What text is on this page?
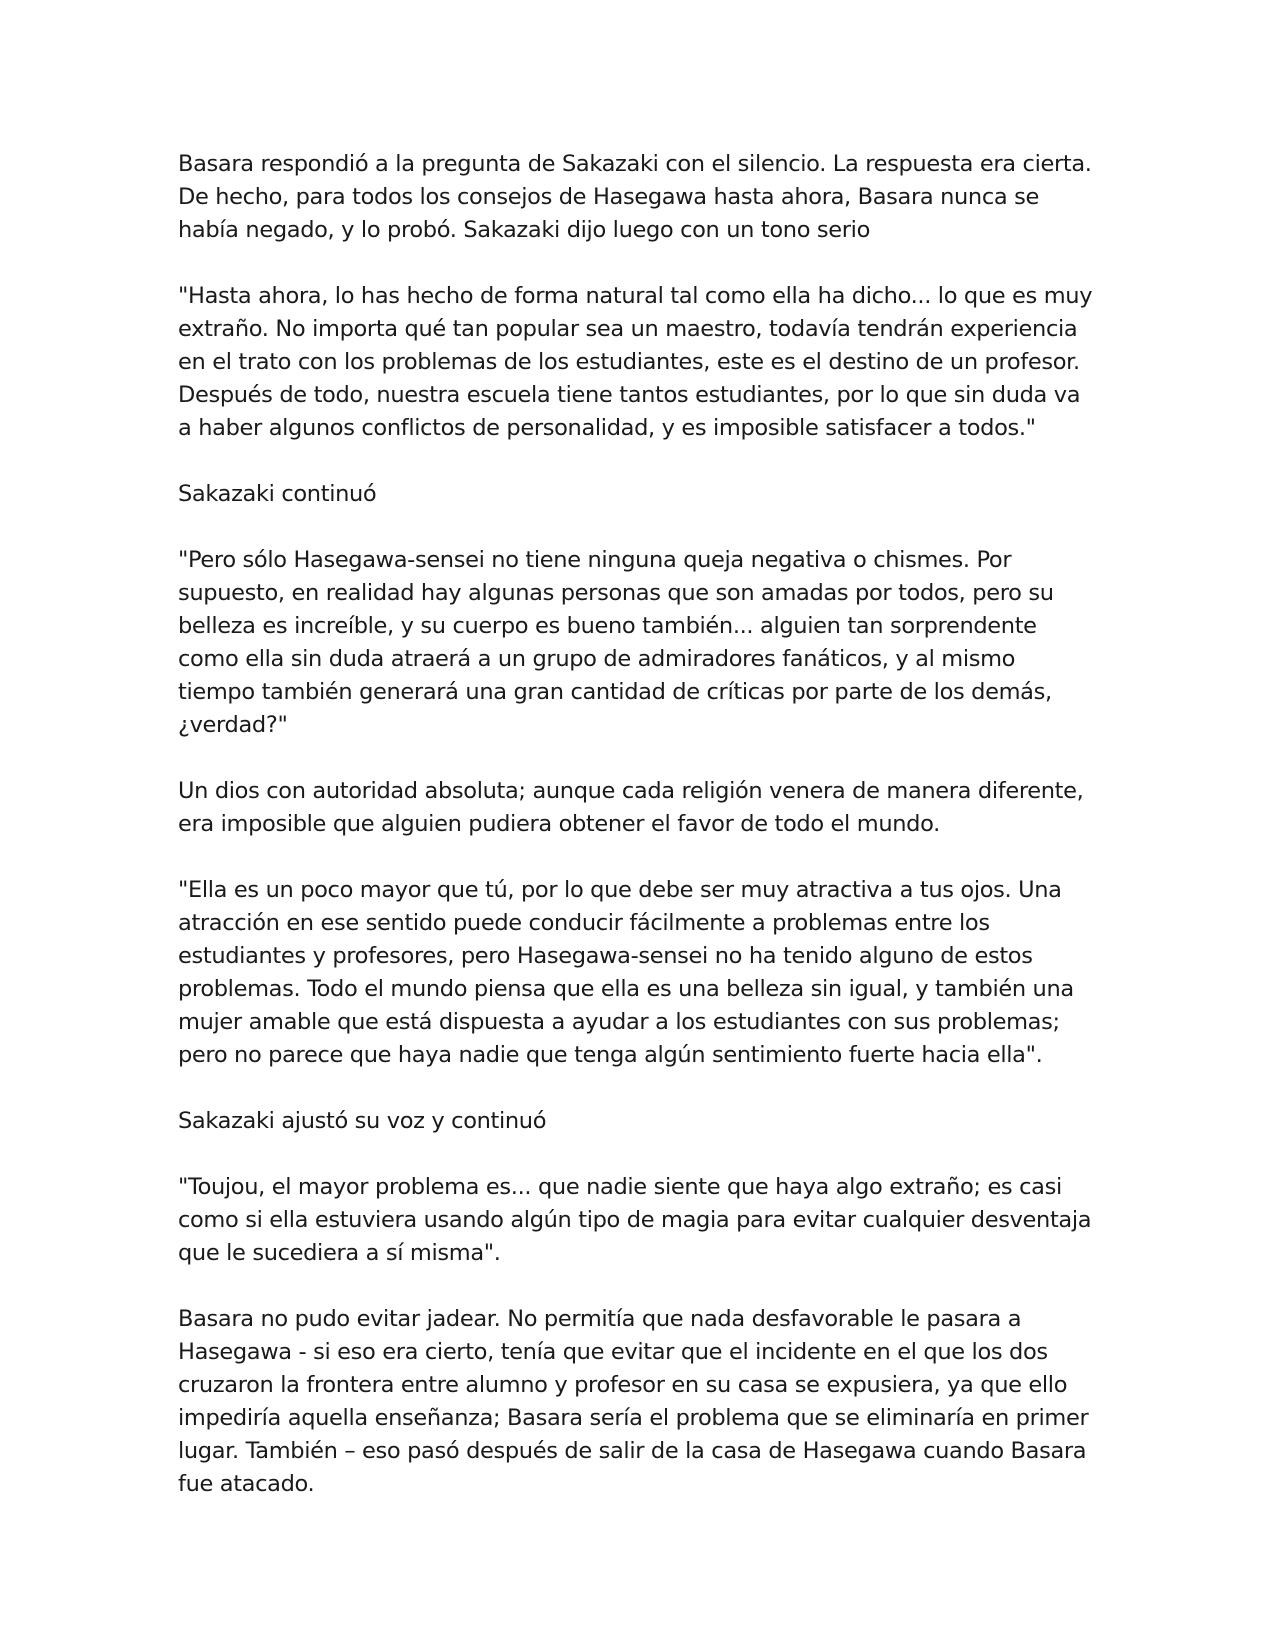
Basara respondió a la pregunta de Sakazaki con el silencio. La respuesta era cierta. De hecho, para todos los consejos de Hasegawa hasta ahora, Basara nunca se había negado, y lo probó. Sakazaki dijo luego con un tono serio

"Hasta ahora, lo has hecho de forma natural tal como ella ha dicho... lo que es muy extraño. No importa qué tan popular sea un maestro, todavía tendrán experiencia en el trato con los problemas de los estudiantes, este es el destino de un profesor. Después de todo, nuestra escuela tiene tantos estudiantes, por lo que sin duda va a haber algunos conflictos de personalidad, y es imposible satisfacer a todos."

Sakazaki continuó

"Pero sólo Hasegawa-sensei no tiene ninguna queja negativa o chismes. Por supuesto, en realidad hay algunas personas que son amadas por todos, pero su belleza es increíble, y su cuerpo es bueno también... alguien tan sorprendente como ella sin duda atraerá a un grupo de admiradores fanáticos, y al mismo tiempo también generará una gran cantidad de críticas por parte de los demás, ¿verdad?"

Un dios con autoridad absoluta; aunque cada religión venera de manera diferente, era imposible que alguien pudiera obtener el favor de todo el mundo.

"Ella es un poco mayor que tú, por lo que debe ser muy atractiva a tus ojos. Una atracción en ese sentido puede conducir fácilmente a problemas entre los estudiantes y profesores, pero Hasegawa-sensei no ha tenido alguno de estos problemas. Todo el mundo piensa que ella es una belleza sin igual, y también una mujer amable que está dispuesta a ayudar a los estudiantes con sus problemas; pero no parece que haya nadie que tenga algún sentimiento fuerte hacia ella".

Sakazaki ajustó su voz y continuó

"Toujou, el mayor problema es... que nadie siente que haya algo extraño; es casi como si ella estuviera usando algún tipo de magia para evitar cualquier desventaja que le sucediera a sí misma".

Basara no pudo evitar jadear. No permitía que nada desfavorable le pasara a Hasegawa - si eso era cierto, tenía que evitar que el incidente en el que los dos cruzaron la frontera entre alumno y profesor en su casa se expusiera, ya que ello impediría aquella enseñanza; Basara sería el problema que se eliminaría en primer lugar. También – eso pasó después de salir de la casa de Hasegawa cuando Basara fue atacado.
